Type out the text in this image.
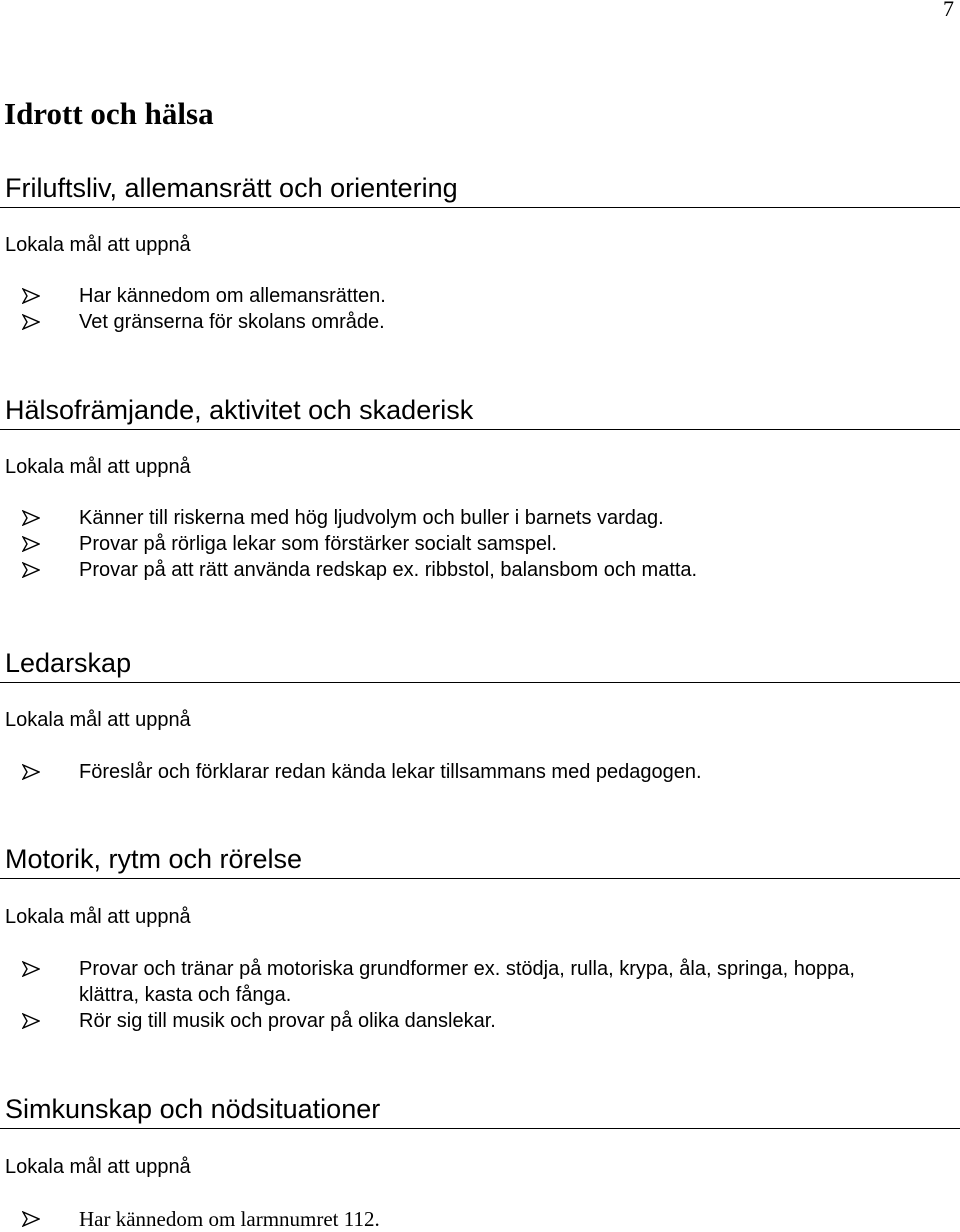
7
Idrott och hälsa
Friluftsliv, allemansrätt och orientering
Lokala mål att uppnå
Har kännedom om allemansrätten.
Vet gränserna för skolans område.
Hälsofrämjande, aktivitet och skaderisk
Lokala mål att uppnå
Känner till riskerna med hög ljudvolym och buller i barnets vardag.
Provar på rörliga lekar som förstärker socialt samspel.
Provar på att rätt använda redskap ex. ribbstol, balansbom och matta.
Ledarskap
Lokala mål att uppnå
Föreslår och förklarar redan kända lekar tillsammans med pedagogen.
Motorik, rytm och rörelse
Lokala mål att uppnå
Provar och tränar på motoriska grundformer ex. stödja, rulla, krypa, åla, springa, hoppa, klättra, kasta och fånga.
Rör sig till musik och provar på olika danslekar.
Simkunskap och nödsituationer
Lokala mål att uppnå
Har kännedom om larmnumret 112.
